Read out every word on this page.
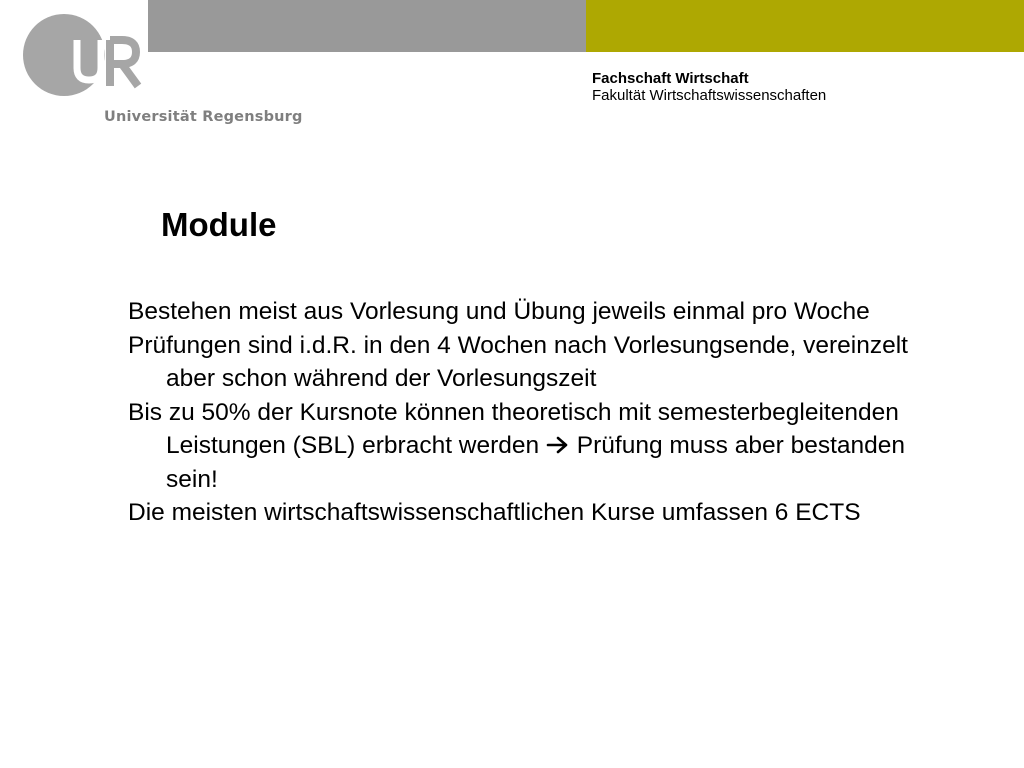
Universität Regensburg
Fachschaft Wirtschaft
Fakultät Wirtschaftswissenschaften
Module
Bestehen meist aus Vorlesung und Übung jeweils einmal pro Woche
Prüfungen sind i.d.R. in den 4 Wochen nach Vorlesungsende, vereinzelt aber schon während der Vorlesungszeit
Bis zu 50% der Kursnote können theoretisch mit semesterbegleitenden Leistungen (SBL) erbracht werden  Prüfung muss aber bestanden sein!
Die meisten wirtschaftswissenschaftlichen Kurse umfassen 6 ECTS
